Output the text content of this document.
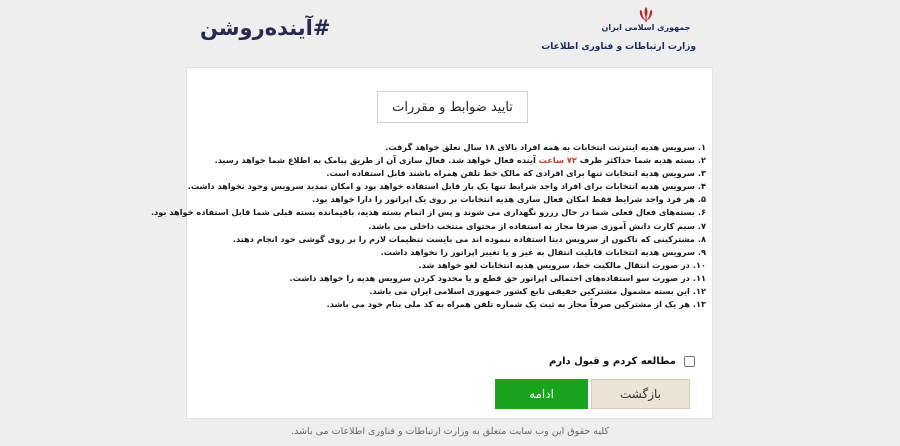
#آینده‌روشن	جمهوری اسلامی ایران
وزارت ارتباطات و فناوری اطلاعات
تایید ضوابط و مقررات
۱.سرویس هدیه اینترنت انتخابات به همه افراد بالای ۱۸ سال تعلق خواهد گرفت.
۲.بسته هدیه شما حداکثر ظرف ۷۲ ساعت آینده فعال خواهد شد. فعال سازی آن از طریق پیامک به اطلاع شما خواهد رسید.
۳.سرویس هدیه انتخابات تنها برای افرادی که مالک خط تلفن همراه باشند قابل استفاده است.
۴.سرویس هدیه انتخابات برای افراد واجد شرایط تنها یک بار قابل استفاده خواهد بود و امکان تمدید سرویس وجود نخواهد داشت.
۵.هر فرد واجد شرایط فقط امکان فعال سازی هدیه انتخابات بر روی یک اپراتور را دارا خواهد بود.
۶.بسته‌های فعال فعلی شما در حال رزرو نگهداری می شوند و پس از اتمام بسته هدیه، باقیمانده بسته قبلی شما قابل استفاده خواهد بود.
۷.سیم کارت دانش آموزی صرفا مجاز به استفاده از محتوای منتخب داخلی می باشد.
۸.مشترکینی که تاکنون از سرویس دیتا استفاده ننموده اند می بایست تنظیمات لازم را بر روی گوشی خود انجام دهند.
۹.سرویس هدیه انتخابات قابلیت انتقال به غیر و یا تغییر اپراتور را نخواهد داشت.
۱۰.در صورت انتقال مالکیت خط، سرویس هدیه انتخابات لغو خواهد شد.
۱۱.در صورت سو استفاده‌های احتمالی اپراتور حق قطع و یا محدود کردن سرویس هدیه را خواهد داشت.
۱۲.این بسته مشمول مشترکین حقیقی تابع کشور جمهوری اسلامی ایران می باشد.
۱۳.هر یک از مشترکین صرفاً مجاز به ثبت یک شماره تلفن همراه به کد ملی بنام خود می باشد.
مطالعه کردم و قبول دارم
بازگشت
ادامه
کلیه حقوق این وب سایت متعلق به وزارت ارتباطات و فناوری اطلاعات می باشد.
